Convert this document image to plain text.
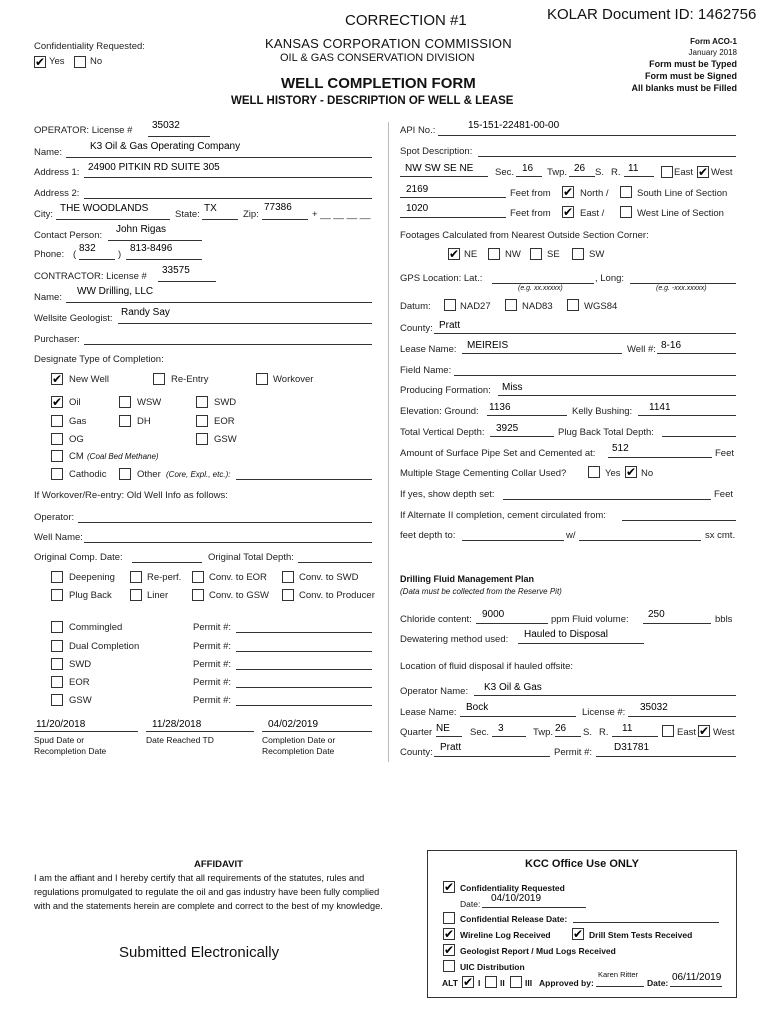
CORRECTION #1	KOLAR Document ID: 1462756
KANSAS CORPORATION COMMISSION
OIL & GAS CONSERVATION DIVISION
WELL COMPLETION FORM
WELL HISTORY - DESCRIPTION OF WELL & LEASE
Form ACO-1
January 2018
Form must be Typed
Form must be Signed
All blanks must be Filled
Confidentiality Requested:
✔ Yes	No
OPERATOR: License # 35032
Name:
K3 Oil & Gas Operating Company
Address 1: 24900 PITKIN RD SUITE 305
Address 2:
City:
THE WOODLANDS
State:
TX
Zip:
77386
+ __ __ __ __
Contact Person:
John Rigas
Phone: (
832
)
813-8496
CONTRACTOR: License #
33575
Name:
WW Drilling, LLC
Wellsite Geologist:
Randy Say
Purchaser:
Designate Type of Completion:
✔ New Well	Re-Entry	Workover
✔ Oil	WSW	SWD
Gas	DH	EOR
OG	GSW
CM (Coal Bed Methane)
Cathodic	Other (Core, Expl., etc.):
If Workover/Re-entry: Old Well Info as follows:
Operator:
Well Name:
Original Comp. Date:	Original Total Depth:
Deepening	Re-perf.	Conv. to EOR	Conv. to SWD
Plug Back	Liner	Conv. to GSW	Conv. to Producer
Commingled	Permit #:
Dual Completion	Permit #:
SWD	Permit #:
EOR	Permit #:
GSW	Permit #:
11/20/2018	11/28/2018	04/02/2019
Spud Date or
Recompletion Date
Date Reached TD	Completion Date or
Recompletion Date
API No.:	15-151-22481-00-00
Spot Description:
NW SW SE NE Sec. 16 Twp. 26 S. R. 11	East ✔ West
2169	Feet from ✔ North /	South Line of Section
1020	Feet from ✔ East /	West Line of Section
Footages Calculated from Nearest Outside Section Corner:
✔ NE	NW	SE	SW
GPS Location: Lat.:	, Long:
(e.g. xx.xxxxx)	(e.g. -xxx.xxxxx)
Datum:	NAD27	NAD83	WGS84
County: Pratt
Lease Name: MEIREIS	Well #: 8-16
Field Name:
Producing Formation: Miss
Elevation: Ground: 1136	Kelly Bushing: 1141
Total Vertical Depth: 3925	Plug Back Total Depth:
Amount of Surface Pipe Set and Cemented at: 512	Feet
Multiple Stage Cementing Collar Used?	Yes ✔ No
If yes, show depth set:	Feet
If Alternate II completion, cement circulated from:
feet depth to:	w/	sx cmt.
Drilling Fluid Management Plan
(Data must be collected from the Reserve Pit)
Chloride content: 9000	ppm Fluid volume: 250	bbls
Dewatering method used: Hauled to Disposal
Location of fluid disposal if hauled offsite:
Operator Name: K3 Oil & Gas
Lease Name: Bock	License #: 35032
Quarter NE Sec. 3	Twp. 26 S. R. 11	East ✔ West
County: Pratt	Permit #: D31781
AFFIDAVIT
I am the affiant and I hereby certify that all requirements of the statutes, rules and
regulations promulgated to regulate the oil and gas industry have been fully complied
with and the statements herein are complete and correct to the best of my knowledge.
Submitted Electronically
KCC Office Use ONLY
✔ Confidentiality Requested
Date: 04/10/2019
Confidential Release Date:
✔ Wireline Log Received ✔ Drill Stem Tests Received
✔ Geologist Report / Mud Logs Received
UIC Distribution
ALT ✔ I II III Approved by:
Karen Ritter
Date: 06/11/2019
